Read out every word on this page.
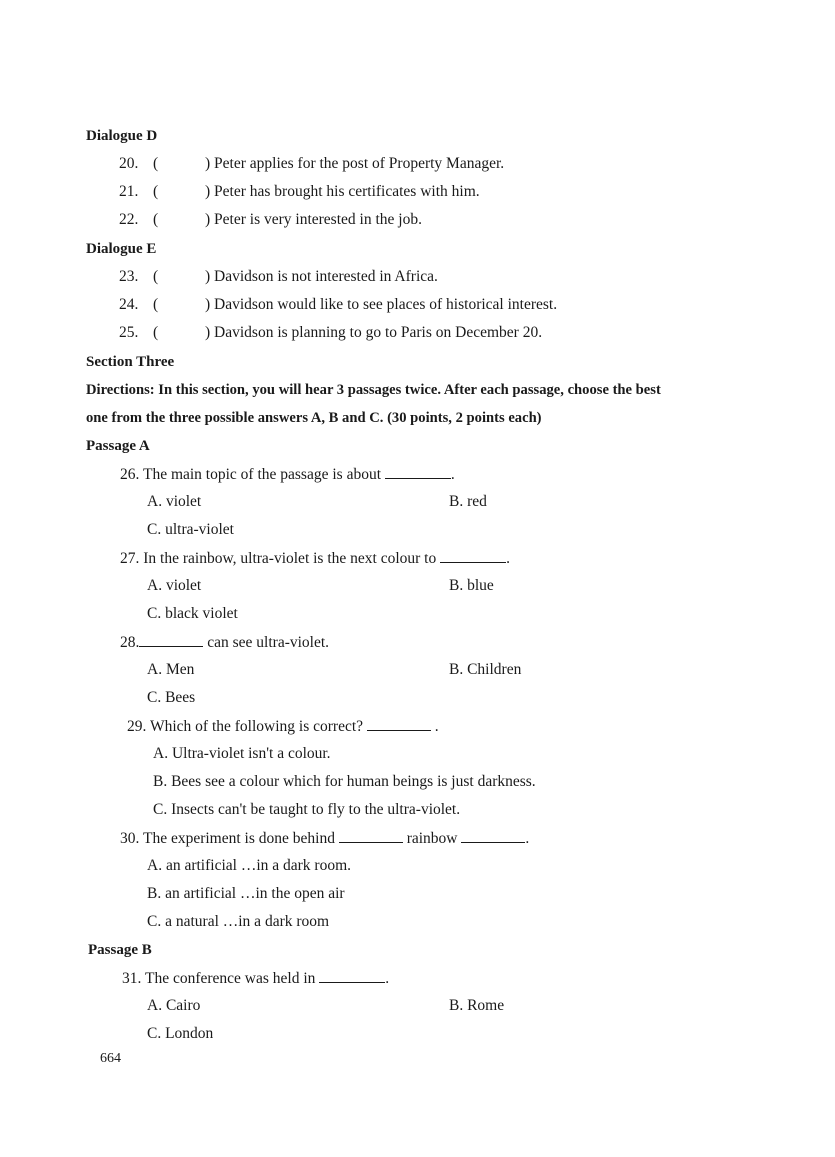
Dialogue D
20. (	) Peter applies for the post of Property Manager.
21. (	) Peter has brought his certificates with him.
22. (	) Peter is very interested in the job.
Dialogue E
23. (	) Davidson is not interested in Africa.
24. (	) Davidson would like to see places of historical interest.
25. (	) Davidson is planning to go to Paris on December 20.
Section Three
Directions: In this section, you will hear 3 passages twice. After each passage, choose the best
one from the three possible answers A, B and C. (30 points, 2 points each)
Passage A
26. The main topic of the passage is about	.
A. violet	B. red
C. ultra-violet
27. In the rainbow, ultra-violet is the next colour to	.
A. violet	B. blue
C. black violet
28.	can see ultra-violet.
A. Men	B. Children
C. Bees
29. Which of the following is correct?	.
A. Ultra-violet isn't a colour.
B. Bees see a colour which for human beings is just darkness.
C. Insects can't be taught to fly to the ultra-violet.
30. The experiment is done behind	rainbow	.
A. an artificial …in a dark room.
B. an artificial …in the open air
C. a natural …in a dark room
Passage B
31. The conference was held in	.
A. Cairo	B. Rome
C. London
664
